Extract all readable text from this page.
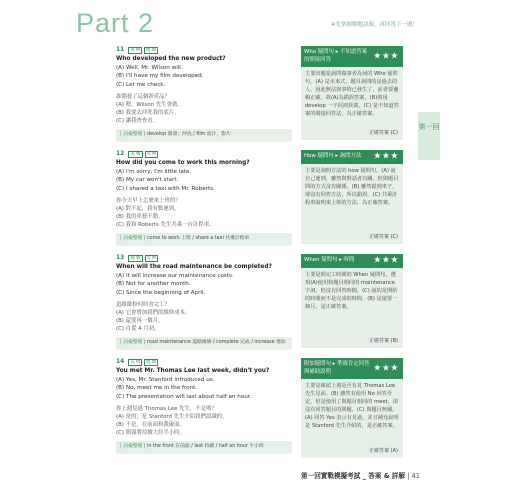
Part 2	※先掌握解題訣竅，再回答下一題！
第一回
11	英 M	澳 W
Who developed the new product?
(A) Well, Mr. Wilson will.
(B) I'll have my film developed.
(C) Let me check.
誰開發了這個新產品？
(A) 嗯，Wilson 先生會做。
(B) 我要去沖洗我的底片。
(C) 讓我查查看。
| 詞彙整理 | develop 開發；沖洗 / film 底片，影片
Who 疑問句 ▸ 不知道答案的間接回答	★★★
主要出題是詢問做事者為何的 Who 疑問句，(A) 是未來式，題目詢問的是過去的人，因此無法與事情已發生了，前者要邏輯正確，故(A)為錯誤答案。(B)則用 develop 一字同詞異義，(C) 是不知道答案的間接回答法，為正確答案。
正確答案 (C)
12	美 W	英 M
How did you come to work this morning?
(A) I'm sorry, I'm little late.
(B) My car won't start.
(C) I shared a taxi with Mr. Roberts.
你今天早上怎麼來上班的？
(A) 對不起，我有點遲到。
(B) 我的車發不動。
(C) 我和 Roberts 先生共乘一台計程車。
| 詞彙整理 | come to work 上班 / share a taxi 共乘計程車
How 疑問句 ▸ 詢問方法	★★★
主要是詢問方法的 how 疑問句。(A) 說自己遲到，雖然與對話者有關，但與題目問的方式沒有關係。(B) 雖然提到車子，卻沒有回答方法，所以錯誤。(C) 共乘計程車說明來上班的方法，為正確答案。
正確答案 (C)
13	澳 W	美 M
When will the road maintenance be completed?
(A) It will increase our maintenance costs.
(B) Not for another month.
(C) Since the beginning of April.
道路維修何時會完工？
(A) 它會增加我們的維修成本。
(B) 還要再一個月。
(C) 自從 4 月初。
| 詞彙整理 | road maintenance 道路維修 / complete 完成 / increase 增加
When 疑問句 ▸ 時間	★★★
主要是問完工時間的 When 疑問句，選項(A)使用和題目相同的 maintenance 字詞，但沒有回答時間，(C) 說的是開始的時間而不是完成的時間，(B) 是還要一個月，是正確答案。
正確答案 (B)
14	美 M	澳 W
You met Mr. Thomas Lee last week, didn't you?
(A) Yes, Mr. Stanford introduced us.
(B) No, meet me in the front.
(C) The presentation will last about half an hour.
你上週見過 Thomas Lee 先生，不是嗎？
(A) 是的，是 Stanford 先生介紹我們認識的。
(B) 不是，在前面和我碰面。
(C) 簡報將持續大約半小時。
| 詞彙整理 | in the front 在前面 / last 持續 / half an hour 半小時
附加疑問句 ▸ 準確肯定回答與補助說明	★★★
主要是確認上週是否有見 Thomas Lee 先生見面。(B) 雖然有使用 No 回答否定，但是使用了與題目相同的 meet，卻沒有回答題目的問題。(C) 與題目無關。(A) 回答 Yes 表示有見過，並且補充說明是 Stanford 先生介紹的，是正確答案。
正確答案 (A)
第一回實戰模擬考試 _ 答案 & 詳解 | 41
